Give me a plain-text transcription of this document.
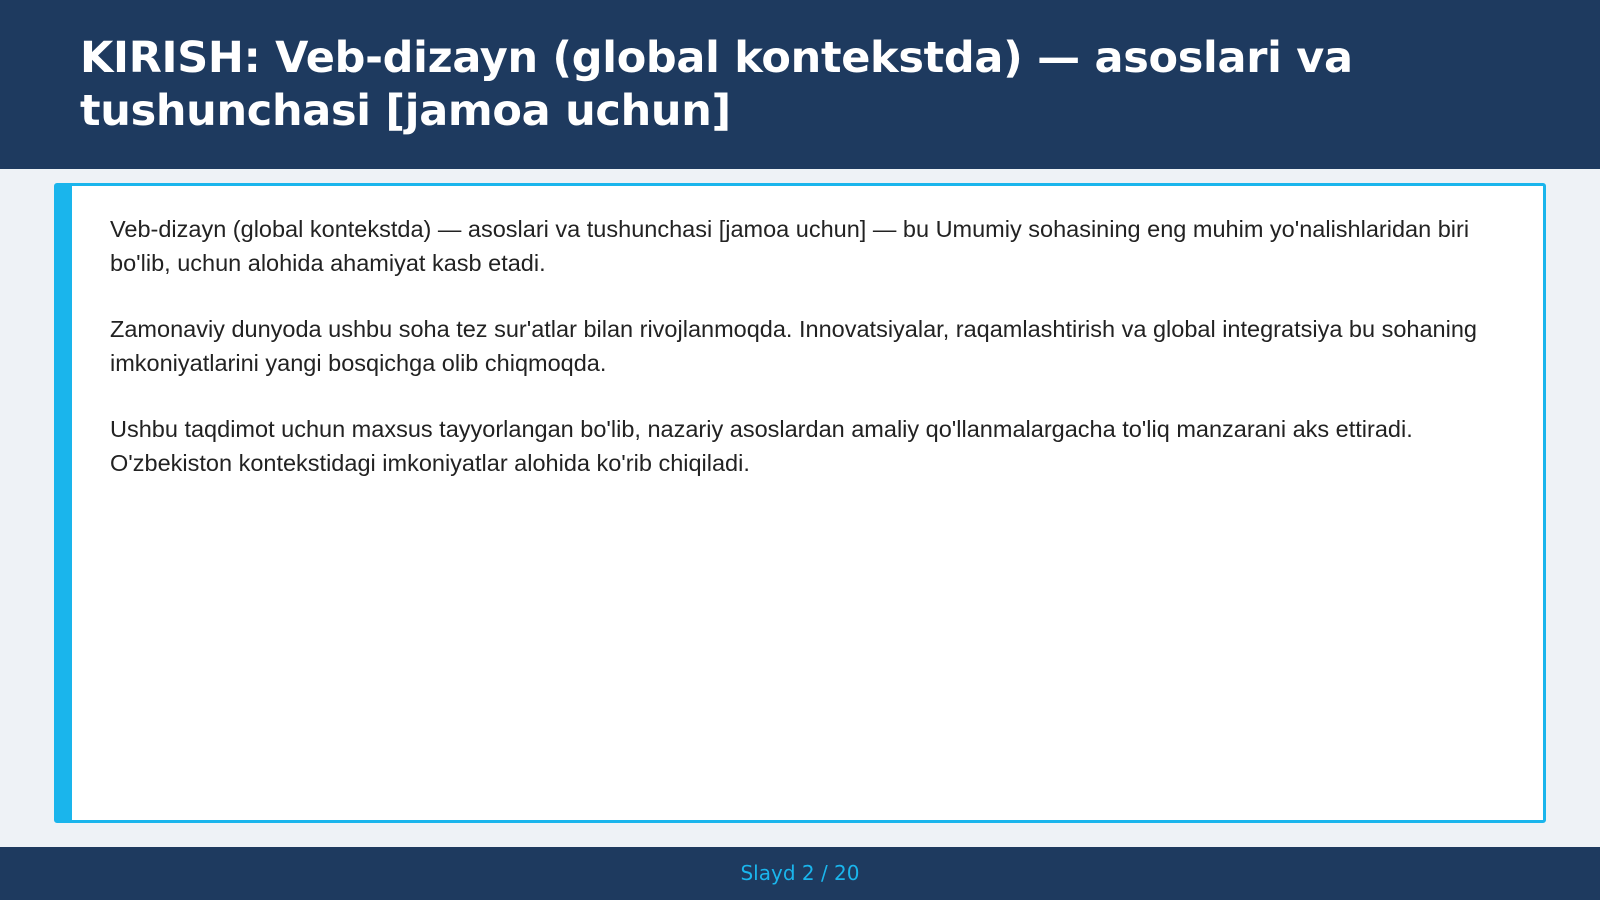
KIRISH: Veb-dizayn (global kontekstda) — asoslari va tushunchasi [jamoa uchun]

Veb-dizayn (global kontekstda) — asoslari va tushunchasi [jamoa uchun] — bu Umumiy sohasining eng muhim yo'nalishlaridan biri bo'lib, uchun alohida ahamiyat kasb etadi.

Zamonaviy dunyoda ushbu soha tez sur'atlar bilan rivojlanmoqda. Innovatsiyalar, raqamlashtirish va global integratsiya bu sohaning imkoniyatlarini yangi bosqichga olib chiqmoqda.

Ushbu taqdimot uchun maxsus tayyorlangan bo'lib, nazariy asoslardan amaliy qo'llanmalargacha to'liq manzarani aks ettiradi. O'zbekiston kontekstidagi imkoniyatlar alohida ko'rib chiqiladi.

Slayd 2 / 20
